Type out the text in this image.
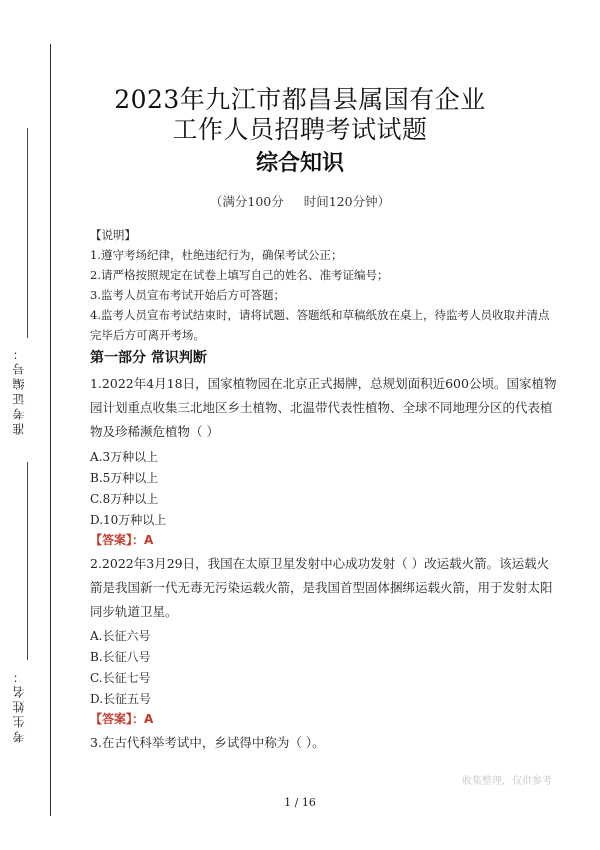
准考证编号：
考生姓名：
2023年九江市都昌县属国有企业
工作人员招聘考试试题
综合知识
（满分100分 时间120分钟）

【说明】

1.遵守考场纪律，杜绝违纪行为，确保考试公正；

2.请严格按照规定在试卷上填写自己的姓名、准考证编号；

3.监考人员宣布考试开始后方可答题；

4.监考人员宣布考试结束时，请将试题、答题纸和草稿纸放在桌上，待监考人员收取并清点完毕后方可离开考场。

第一部分 常识判断
1.2022年4月18日，国家植物园在北京正式揭牌，总规划面积近600公顷。国家植物园计划重点收集三北地区乡土植物、北温带代表性植物、全球不同地理分区的代表植物及珍稀濒危植物（ ）
A.3万种以上
B.5万种以上
C.8万种以上
D.10万种以上
【答案】：A
2.2022年3月29日，我国在太原卫星发射中心成功发射（ ）改运载火箭。该运载火箭是我国新一代无毒无污染运载火箭，是我国首型固体捆绑运载火箭，用于发射太阳同步轨道卫星。
A.长征六号
B.长征八号
C.长征七号
D.长征五号
【答案】：A
3.在古代科举考试中，乡试得中称为（ ）。
收集整理，仅供参考
1 / 16
